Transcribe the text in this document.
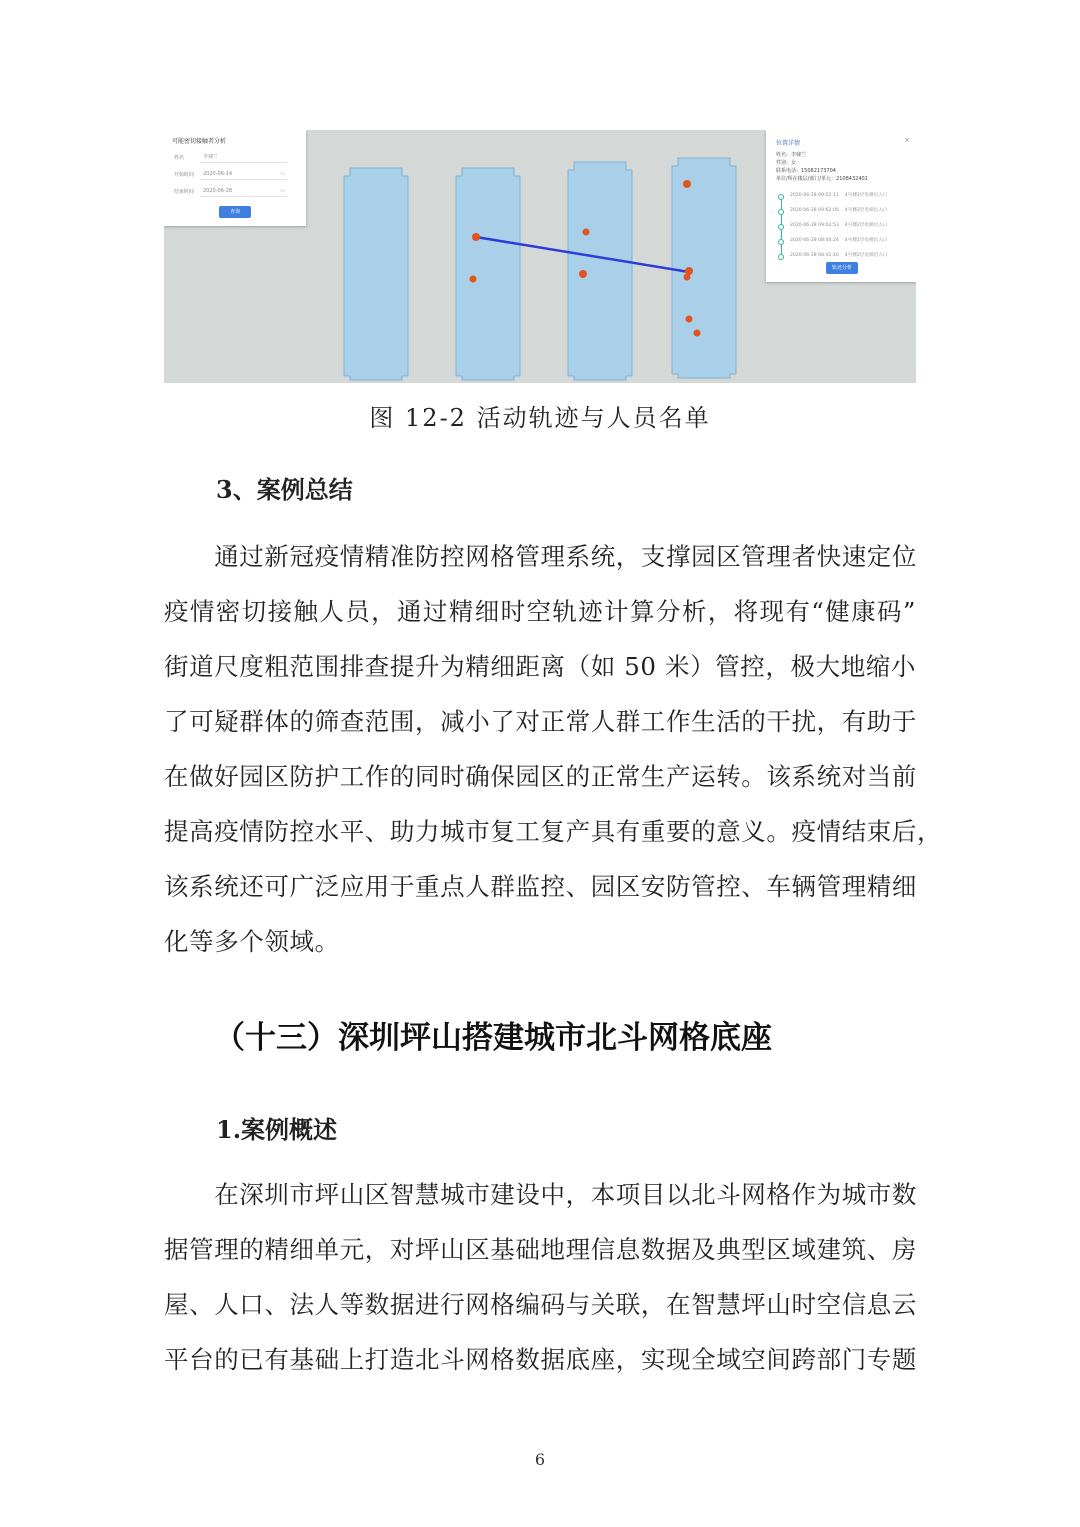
可能密切接触者分析
姓名	李棣兰
开始时间	2020-06-14	▭
结束时间	2020-06-28	▭
查询
位置详情	×
姓名：李棣兰
性别：女
联系电话：15082173704
单位/所在楼层/部门/单元：2108432401
2020-06-28 09:52:11 4号楼2层电梯出入口
2020-06-28 09:62:05 4号楼2层电梯出入口
2020-06-28 09:02:53 4号楼2层电梯出入口
2020-06-28 08:40:24 4号楼2层电梯出入口
2020-06-28 08:41:16 4号楼2层电梯出入口
轨迹分析
图 12-2 活动轨迹与人员名单
3、案例总结
　　通过新冠疫情精准防控网格管理系统，支撑园区管理者快速定位
疫情密切接触人员，通过精细时空轨迹计算分析，将现有“健康码”
街道尺度粗范围排查提升为精细距离（如 50 米）管控，极大地缩小
了可疑群体的筛查范围，减小了对正常人群工作生活的干扰，有助于
在做好园区防护工作的同时确保园区的正常生产运转。该系统对当前
提高疫情防控水平、助力城市复工复产具有重要的意义。疫情结束后，
该系统还可广泛应用于重点人群监控、园区安防管控、车辆管理精细
化等多个领域。
（十三）深圳坪山搭建城市北斗网格底座
1.案例概述
　　在深圳市坪山区智慧城市建设中，本项目以北斗网格作为城市数
据管理的精细单元，对坪山区基础地理信息数据及典型区域建筑、房
屋、人口、法人等数据进行网格编码与关联，在智慧坪山时空信息云
平台的已有基础上打造北斗网格数据底座，实现全域空间跨部门专题
6
